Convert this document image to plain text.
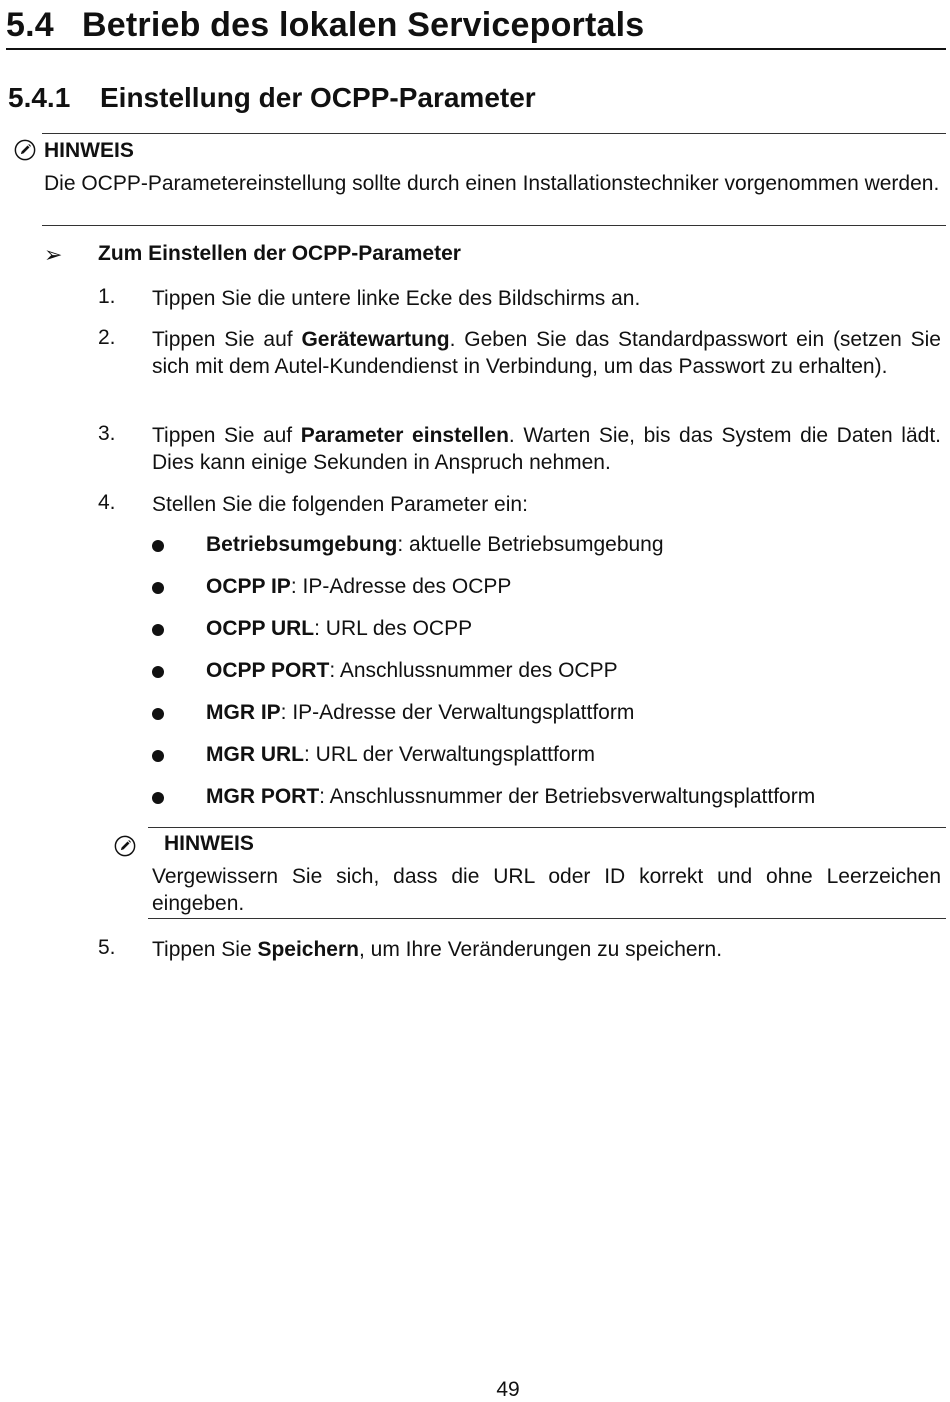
5.4 Betrieb des lokalen Serviceportals
5.4.1 Einstellung der OCPP-Parameter
HINWEIS
Die OCPP-Parametereinstellung sollte durch einen Installationstechniker vorgenommen werden.
➢ Zum Einstellen der OCPP-Parameter
1.	Tippen Sie die untere linke Ecke des Bildschirms an.
2.	Tippen Sie auf Gerätewartung. Geben Sie das Standardpasswort ein (setzen Sie sich mit dem Autel-Kundendienst in Verbindung, um das Passwort zu erhalten).
3.	Tippen Sie auf Parameter einstellen. Warten Sie, bis das System die Daten lädt. Dies kann einige Sekunden in Anspruch nehmen.
4.	Stellen Sie die folgenden Parameter ein:
Betriebsumgebung: aktuelle Betriebsumgebung
OCPP IP: IP-Adresse des OCPP
OCPP URL: URL des OCPP
OCPP PORT: Anschlussnummer des OCPP
MGR IP: IP-Adresse der Verwaltungsplattform
MGR URL: URL der Verwaltungsplattform
MGR PORT: Anschlussnummer der Betriebsverwaltungsplattform
HINWEIS
Vergewissern Sie sich, dass die URL oder ID korrekt und ohne Leerzeichen eingeben.
5.	Tippen Sie Speichern, um Ihre Veränderungen zu speichern.
49
